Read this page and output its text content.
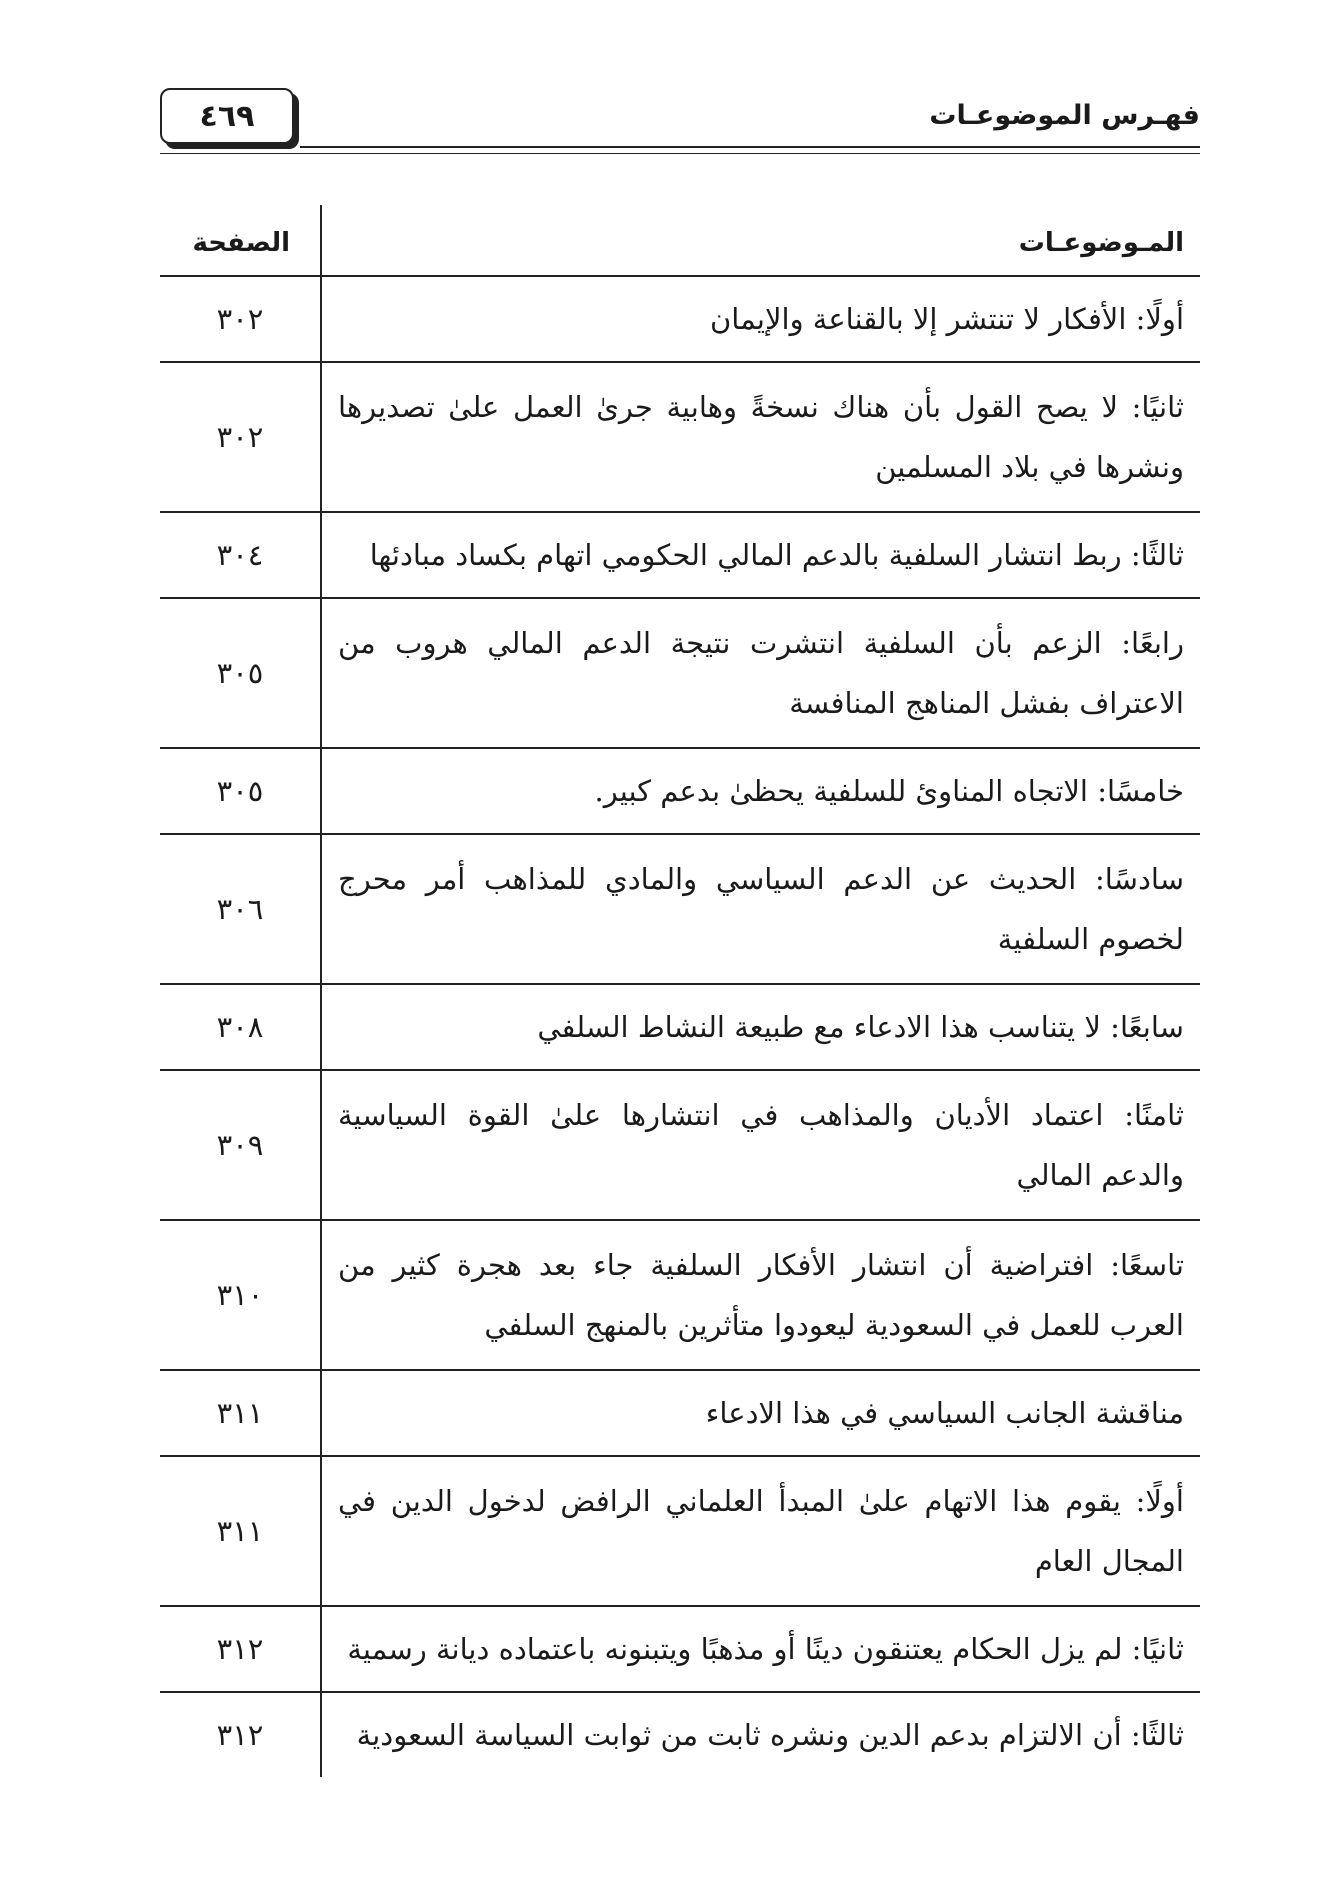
٤٦٩	فهـرس الموضوعـات
المـوضوعـات
الصفحة
أولًا: الأفكار لا تنتشر إلا بالقناعة والإيمان
٣٠٢
ثانيًا: لا يصح القول بأن هناك نسخةً وهابية جرىٰ العمل علىٰ تصديرها ونشرها في بلاد المسلمين
٣٠٢
ثالثًا: ربط انتشار السلفية بالدعم المالي الحكومي اتهام بكساد مبادئها
٣٠٤
رابعًا: الزعم بأن السلفية انتشرت نتيجة الدعم المالي هروب من الاعتراف بفشل المناهج المنافسة
٣٠٥
خامسًا: الاتجاه المناوئ للسلفية يحظىٰ بدعم كبير.
٣٠٥
سادسًا: الحديث عن الدعم السياسي والمادي للمذاهب أمر محرج لخصوم السلفية
٣٠٦
سابعًا: لا يتناسب هذا الادعاء مع طبيعة النشاط السلفي
٣٠٨
ثامنًا: اعتماد الأديان والمذاهب في انتشارها علىٰ القوة السياسية والدعم المالي
٣٠٩
تاسعًا: افتراضية أن انتشار الأفكار السلفية جاء بعد هجرة كثير من العرب للعمل في السعودية ليعودوا متأثرين بالمنهج السلفي
٣١٠
مناقشة الجانب السياسي في هذا الادعاء
٣١١
أولًا: يقوم هذا الاتهام علىٰ المبدأ العلماني الرافض لدخول الدين في المجال العام
٣١١
ثانيًا: لم يزل الحكام يعتنقون دينًا أو مذهبًا ويتبنونه باعتماده ديانة رسمية
٣١٢
ثالثًا: أن الالتزام بدعم الدين ونشره ثابت من ثوابت السياسة السعودية
٣١٢
